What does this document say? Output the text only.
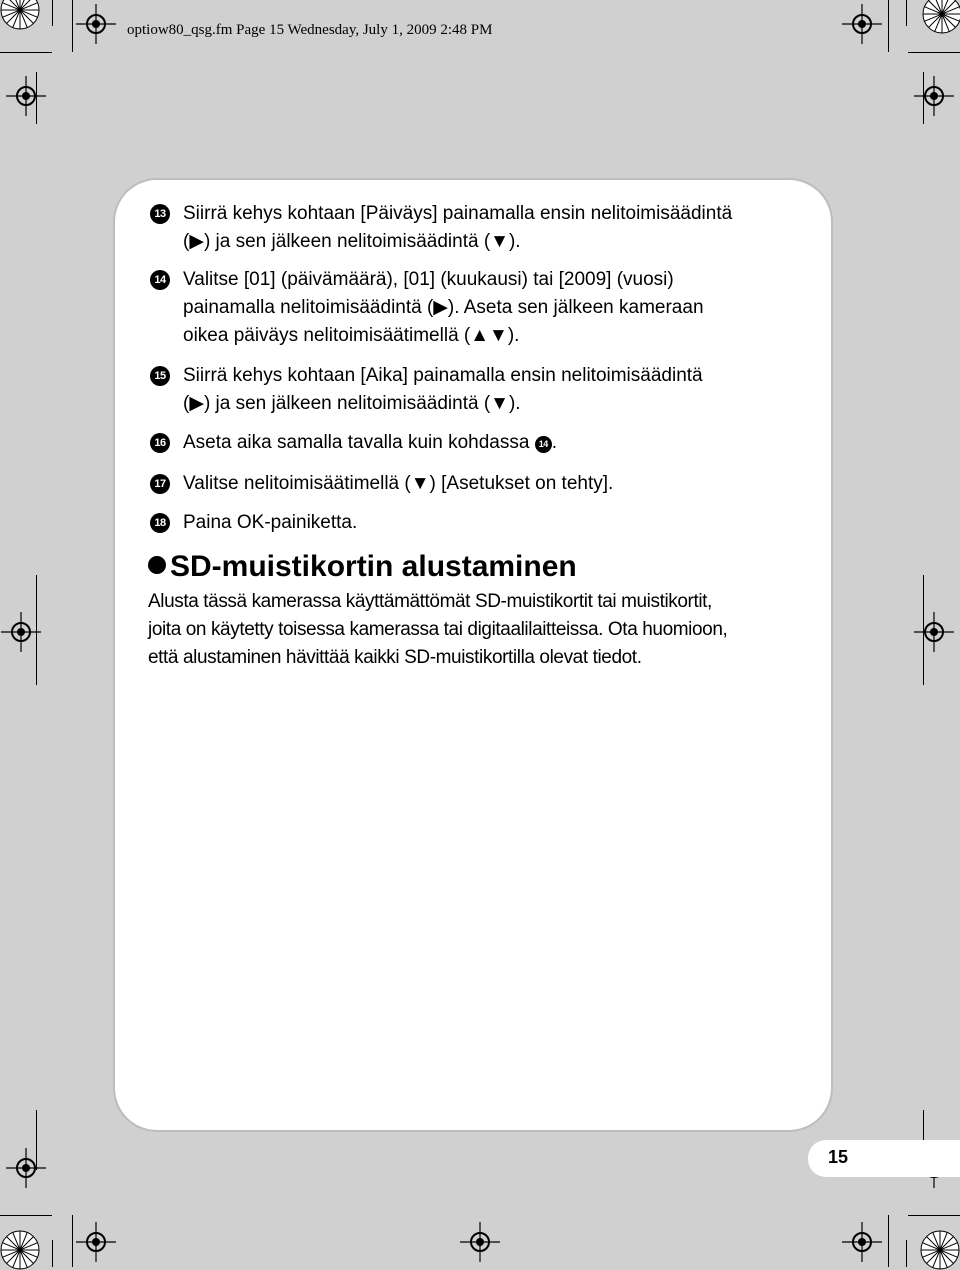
optiow80_qsg.fm Page 15 Wednesday, July 1, 2009 2:48 PM
13 Siirrä kehys kohtaan [Päiväys] painamalla ensin nelitoimisäädintä
(▶) ja sen jälkeen nelitoimisäädintä (▼).
14 Valitse [01] (päivämäärä), [01] (kuukausi) tai [2009] (vuosi)
painamalla nelitoimisäädintä (▶). Aseta sen jälkeen kameraan
oikea päiväys nelitoimisäätimellä (▲▼).
15 Siirrä kehys kohtaan [Aika] painamalla ensin nelitoimisäädintä
(▶) ja sen jälkeen nelitoimisäädintä (▼).
16 Aseta aika samalla tavalla kuin kohdassa 14 .
17 Valitse nelitoimisäätimellä (▼) [Asetukset on tehty].
18 Paina OK-painiketta.
SD-muistikortin alustaminen
Alusta tässä kamerassa käyttämättömät SD-muistikortit tai muistikortit,
joita on käytetty toisessa kamerassa tai digitaalilaitteissa. Ota huomioon,
että alustaminen hävittää kaikki SD-muistikortilla olevat tiedot.
15
